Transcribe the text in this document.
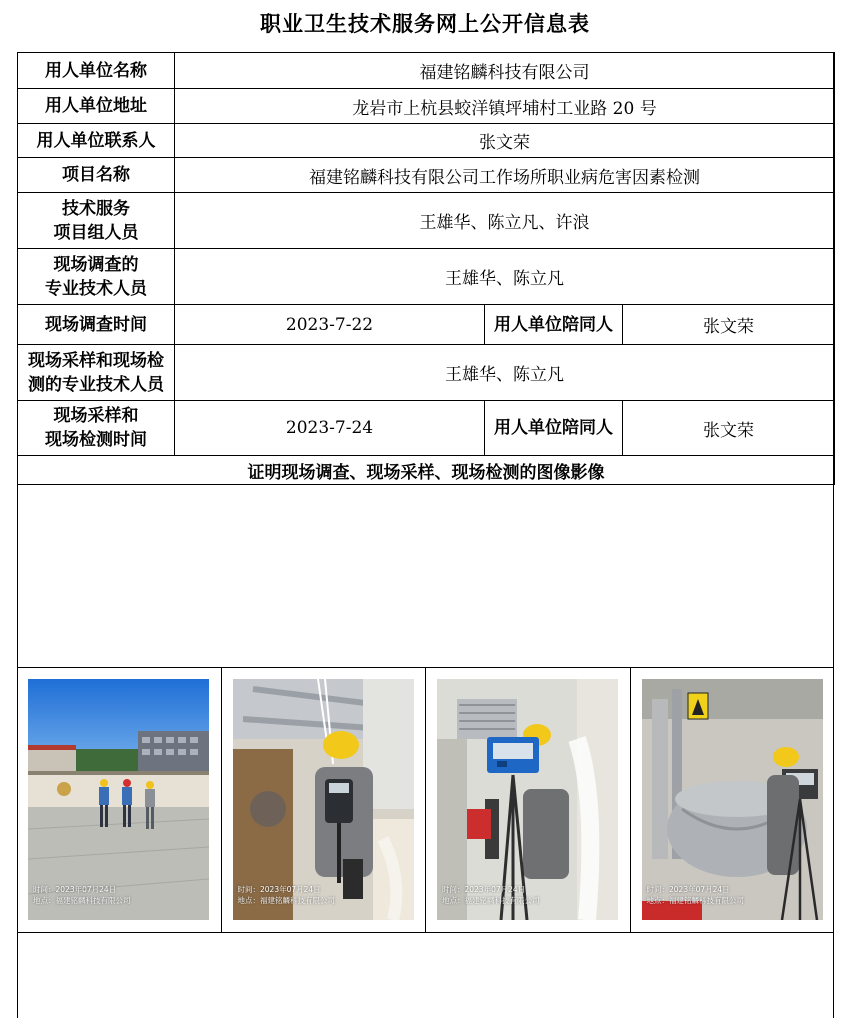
职业卫生技术服务网上公开信息表
用人单位名称	福建铭麟科技有限公司		
用人单位地址	龙岩市上杭县蛟洋镇坪埔村工业路 20 号		
用人单位联系人	张文荣		
项目名称	福建铭麟科技有限公司工作场所职业病危害因素检测		

技术服务
项目组人员	王雄华、陈立凡、许浪		

现场调查的
专业技术人员	王雄华、陈立凡		
现场调查时间	2023-7-22	用人单位陪同人	张文荣

现场采样和现场检
测的专业技术人员	王雄华、陈立凡		

现场采样和
现场检测时间	2023-7-24	用人单位陪同人	张文荣
证明现场调查、现场采样、现场检测的图像影像			
时间：2023年07月24日
地点：福建铭麟科技有限公司
时间：2023年07月24日
地点：福建铭麟科技有限公司
时间：2023年07月24日
地点：福建铭麟科技有限公司
时间：2023年07月24日
地点：福建铭麟科技有限公司
